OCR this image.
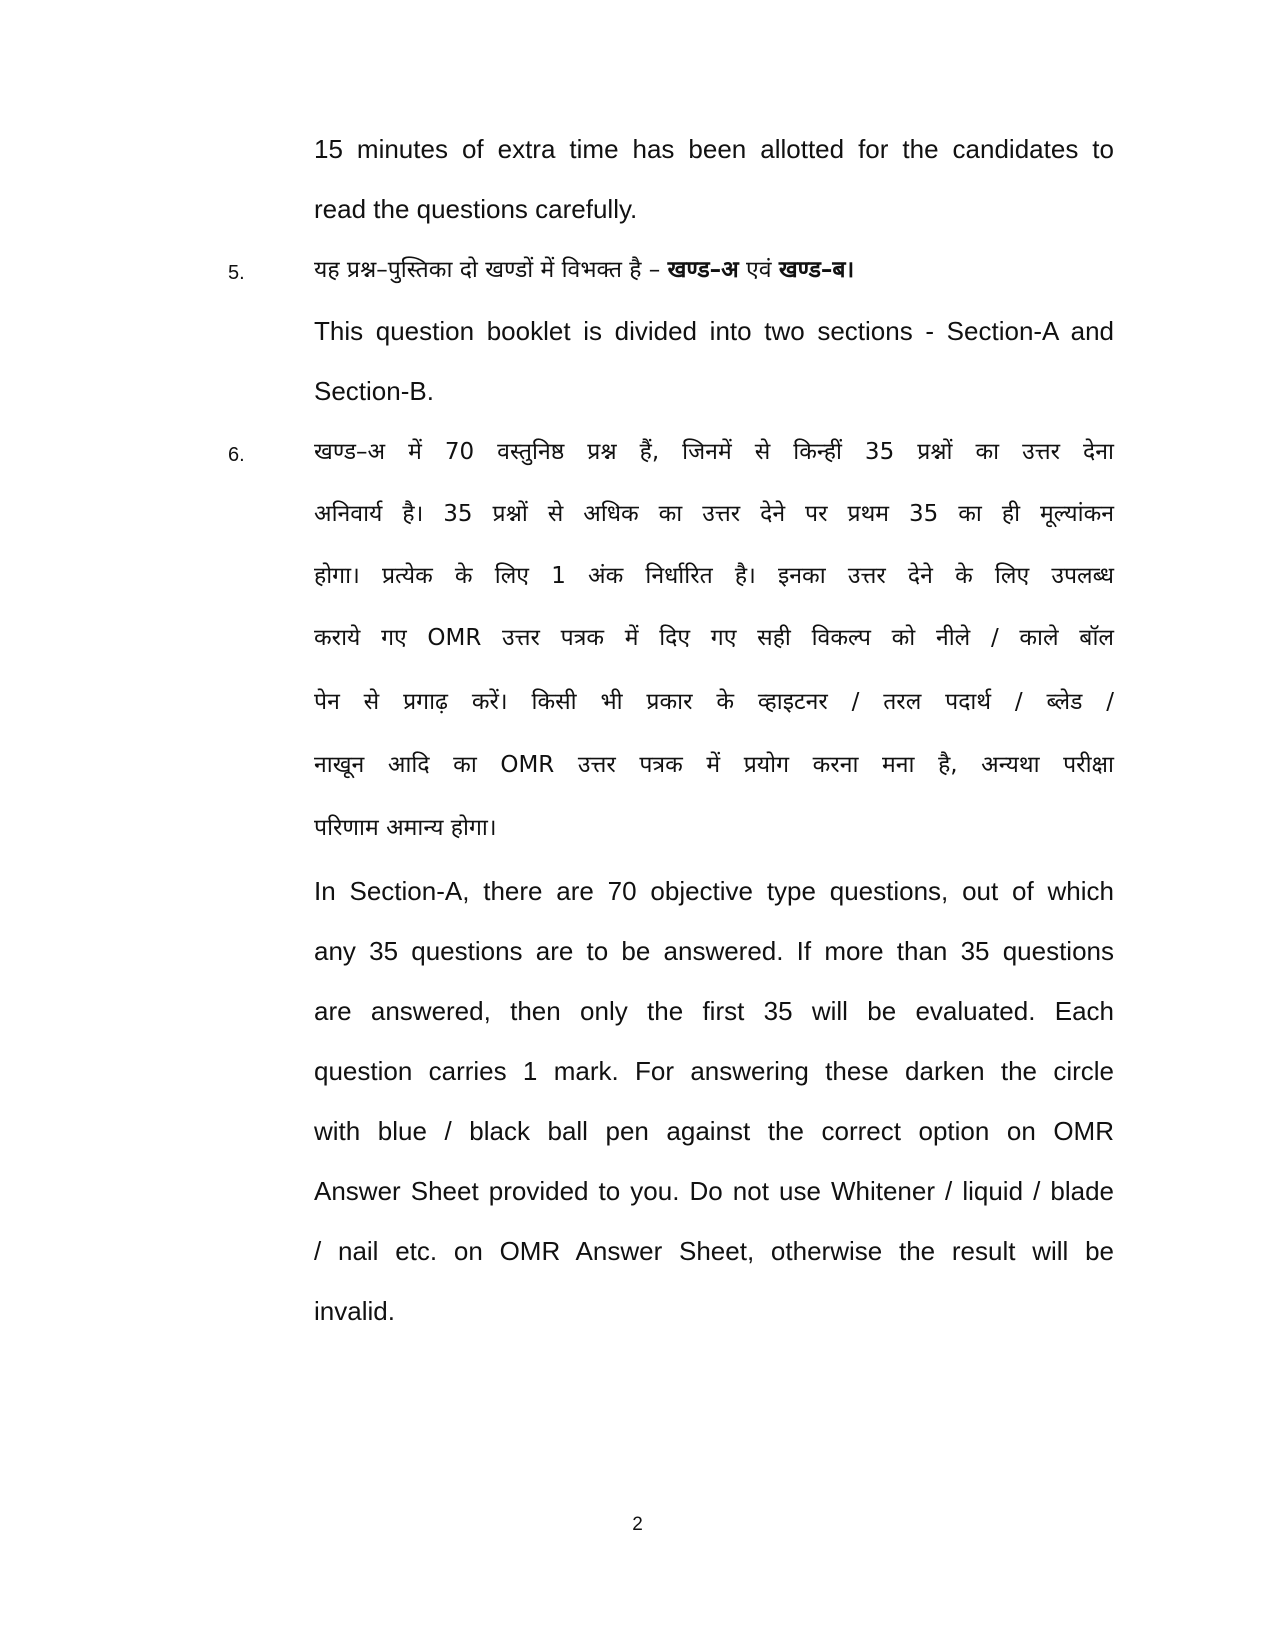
15 minutes of extra time has been allotted for the candidates to
read the questions carefully.
5.	यह प्रश्न–पुस्तिका दो खण्डों में विभक्त है – खण्ड–अ एवं खण्ड–ब।
This question booklet is divided into two sections - Section-A and
Section-B.
6.	खण्ड–अ में 70 वस्तुनिष्ठ प्रश्न हैं, जिनमें से किन्हीं 35 प्रश्नों का उत्तर देना
अनिवार्य है। 35 प्रश्नों से अधिक का उत्तर देने पर प्रथम 35 का ही मूल्यांकन
होगा। प्रत्येक के लिए 1 अंक निर्धारित है। इनका उत्तर देने के लिए उपलब्ध
कराये गए OMR उत्तर पत्रक में दिए गए सही विकल्प को नीले / काले बॉल
पेन से प्रगाढ़ करें। किसी भी प्रकार के व्हाइटनर / तरल पदार्थ / ब्लेड /
नाखून आदि का OMR उत्तर पत्रक में प्रयोग करना मना है, अन्यथा परीक्षा
परिणाम अमान्य होगा।
In Section-A, there are 70 objective type questions, out of which
any 35 questions are to be answered. If more than 35 questions
are answered, then only the first 35 will be evaluated. Each
question carries 1 mark. For answering these darken the circle
with blue / black ball pen against the correct option on OMR
Answer Sheet provided to you. Do not use Whitener / liquid / blade
/ nail etc. on OMR Answer Sheet, otherwise the result will be
invalid.
2
